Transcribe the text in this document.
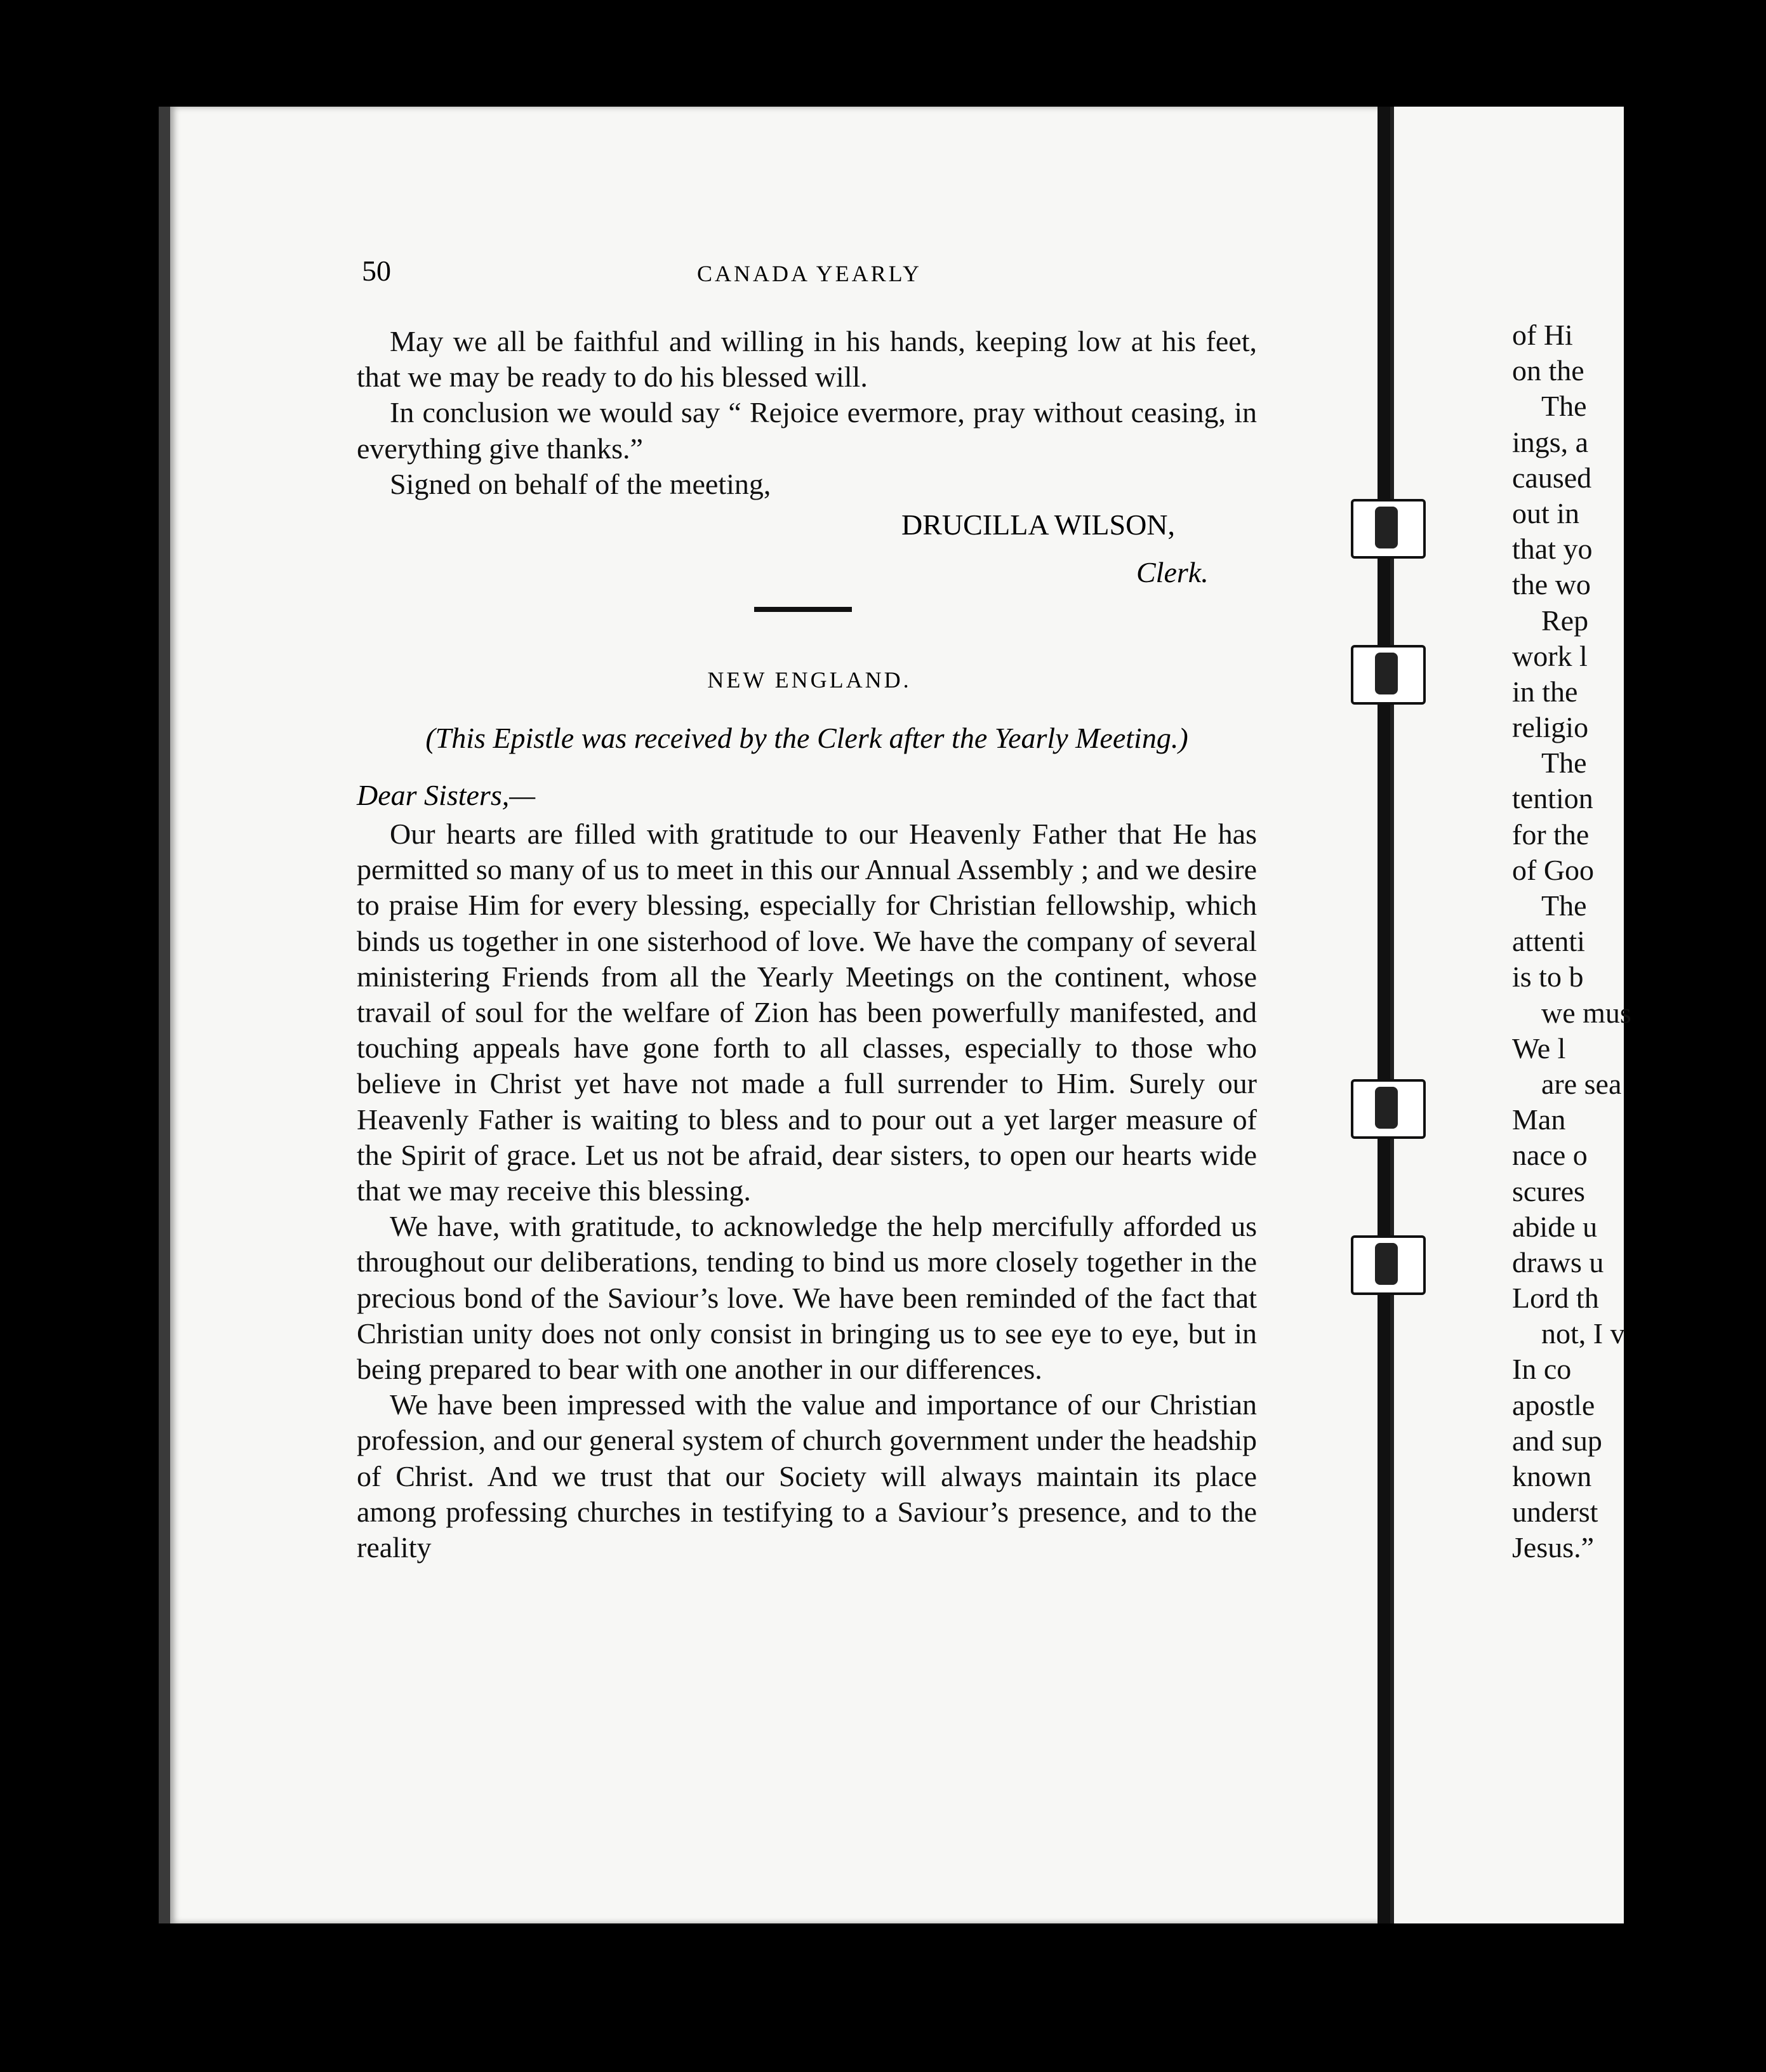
50	CANADA YEARLY

May we all be faithful and willing in his hands, keeping low at his feet, that we may be ready to do his blessed will.

In conclusion we would say “ Rejoice evermore, pray without ceasing, in everything give thanks.”

Signed on behalf of the meeting,

DRUCILLA WILSON,
Clerk.
NEW ENGLAND.
(This Epistle was received by the Clerk after the Yearly Meeting.)
Dear Sisters,—

Our hearts are filled with gratitude to our Heavenly Father that He has permitted so many of us to meet in this our Annual Assembly ; and we desire to praise Him for every blessing, especially for Christian fellowship, which binds us together in one sisterhood of love. We have the company of several ministering Friends from all the Yearly Meetings on the continent, whose travail of soul for the welfare of Zion has been powerfully manifested, and touching appeals have gone forth to all classes, especially to those who believe in Christ yet have not made a full surrender to Him. Surely our Heavenly Father is waiting to bless and to pour out a yet larger measure of the Spirit of grace. Let us not be afraid, dear sisters, to open our hearts wide that we may receive this blessing.

We have, with gratitude, to acknowledge the help mercifully afforded us throughout our deliberations, tending to bind us more closely together in the precious bond of the Saviour’s love. We have been reminded of the fact that Christian unity does not only consist in bringing us to see eye to eye, but in being prepared to bear with one another in our differences.

We have been impressed with the value and importance of our Christian profession, and our general system of church government under the headship of Christ. And we trust that our Society will always maintain its place among professing churches in testifying to a Saviour’s presence, and to the reality

of Hi
on the
The
ings, a
caused
out in
that yo
the wo
Rep
work l
in the
religio
The
tention
for the
of Goo
The
attenti
is to b
we mus
We l
are sea
Man
nace o
scures
abide u
draws u
Lord th
not, I v
In co
apostle
and sup
known
underst
Jesus.”
